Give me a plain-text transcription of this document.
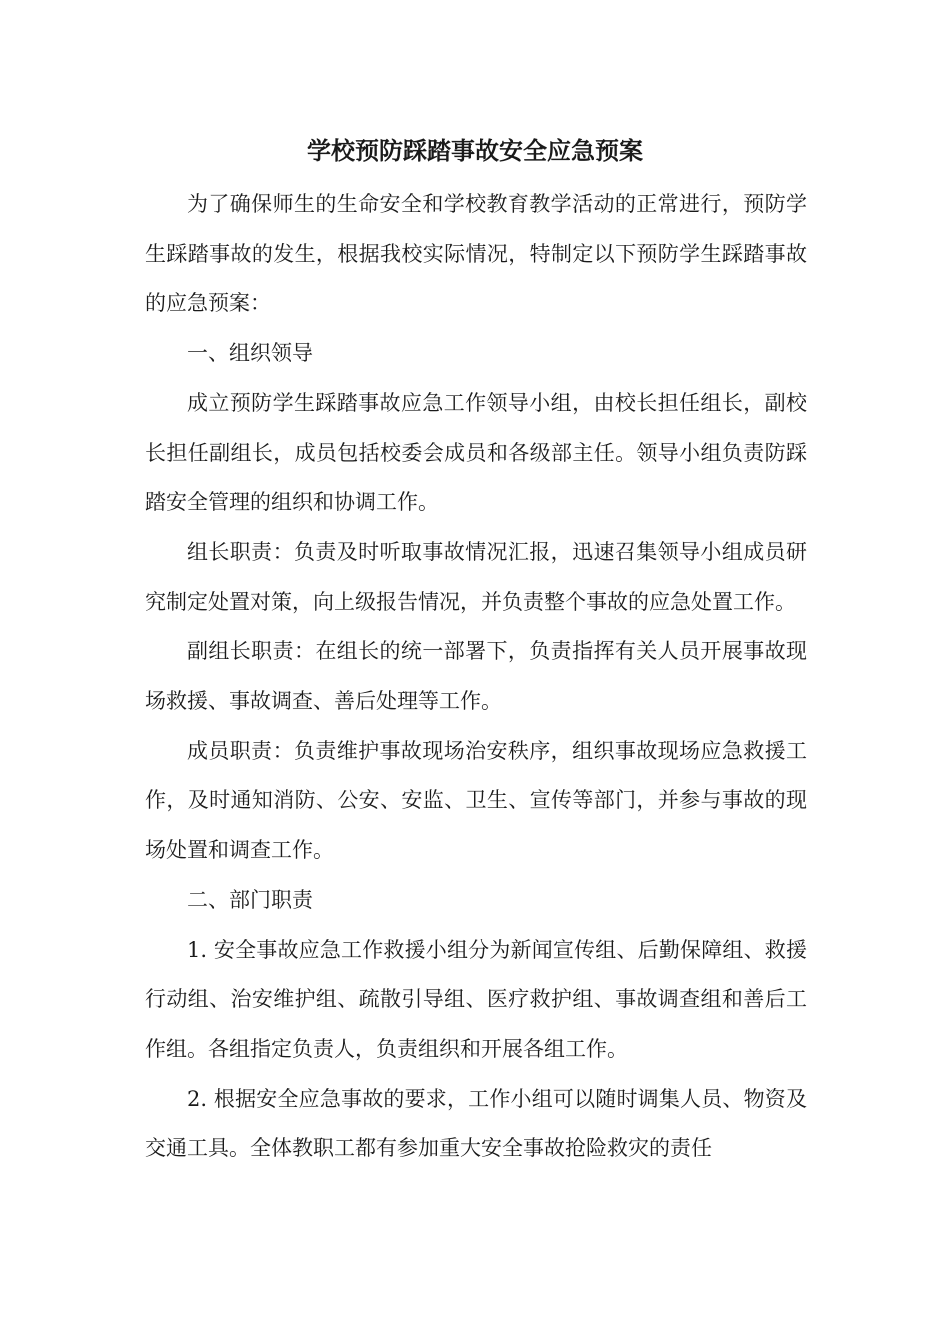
学校预防踩踏事故安全应急预案

为了确保师生的生命安全和学校教育教学活动的正常进行，预防学生踩踏事故的发生，根据我校实际情况，特制定以下预防学生踩踏事故的应急预案：

一、组织领导

成立预防学生踩踏事故应急工作领导小组，由校长担任组长，副校长担任副组长，成员包括校委会成员和各级部主任。领导小组负责防踩踏安全管理的组织和协调工作。

组长职责：负责及时听取事故情况汇报，迅速召集领导小组成员研究制定处置对策，向上级报告情况，并负责整个事故的应急处置工作。

副组长职责：在组长的统一部署下，负责指挥有关人员开展事故现场救援、事故调查、善后处理等工作。

成员职责：负责维护事故现场治安秩序，组织事故现场应急救援工作，及时通知消防、公安、安监、卫生、宣传等部门，并参与事故的现场处置和调查工作。

二、部门职责

1. 安全事故应急工作救援小组分为新闻宣传组、后勤保障组、救援行动组、治安维护组、疏散引导组、医疗救护组、事故调查组和善后工作组。各组指定负责人，负责组织和开展各组工作。

2. 根据安全应急事故的要求，工作小组可以随时调集人员、物资及交通工具。全体教职工都有参加重大安全事故抢险救灾的责任
